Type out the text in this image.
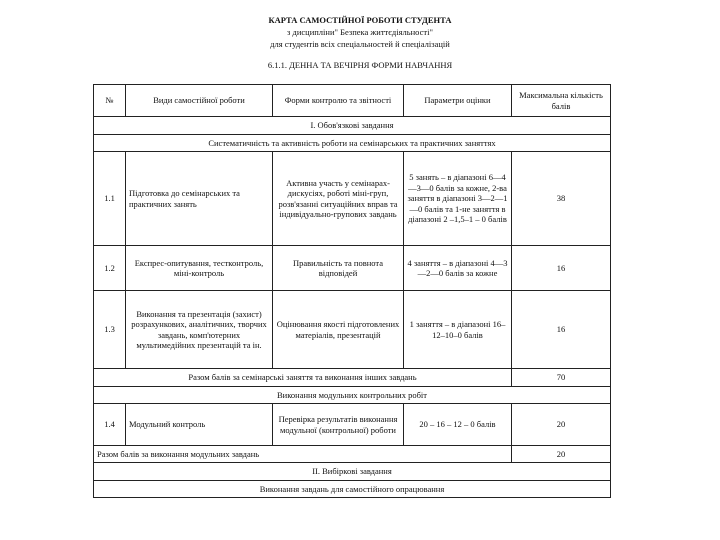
КАРТА САМОСТІЙНОЇ РОБОТИ СТУДЕНТА
з дисципліни" Безпека життєдіяльності"
для студентів всіх спеціальностей й спеціалізацій
6.1.1. ДЕННА ТА ВЕЧІРНЯ ФОРМИ НАВЧАННЯ
№	Види самостійної роботи	Форми контролю та звітності	Параметри оцінки	Максимальна кількість балів
І. Обов'язкові завдання				
Систематичність та активність роботи на семінарських та практичних заняттях				
1.1	Підготовка до семінарських та практичних занять	Активна участь у семінарах-дискусіях, роботі міні-груп, розв'язанні ситуаційних вправ та індивідуально-групових завдань	5 занять – в діапазоні 6—4—3—0 балів за кожне, 2-ва заняття в діапазоні 3—2—1—0 балів та 1-не заняття в діапазоні 2 –1,5–1 – 0 балів	38
1.2	Експрес-опитування, тестконтроль, міні-контроль	Правильність та повнота відповідей	4 заняття – в діапазоні 4—3—2—0 балів за кожне	16
1.3	Виконання та презентація (захист) розрахункових, аналітичних, творчих завдань, комп'ютерних мультимедійних презентацій та ін.	Оцінювання якості підготовлених матеріалів, презентацій	1 заняття – в діапазоні 16–12–10–0 балів	16
Разом балів за семінарські заняття та виконання інших завдань				70
Виконання модульних контрольних робіт				
1.4	Модульний контроль	Перевірка результатів виконання модульної (контрольної) роботи	20 – 16 – 12 – 0 балів	20
Разом балів за виконання модульних завдань				20
ІІ. Вибіркові завдання				
Виконання завдань для самостійного опрацювання				
